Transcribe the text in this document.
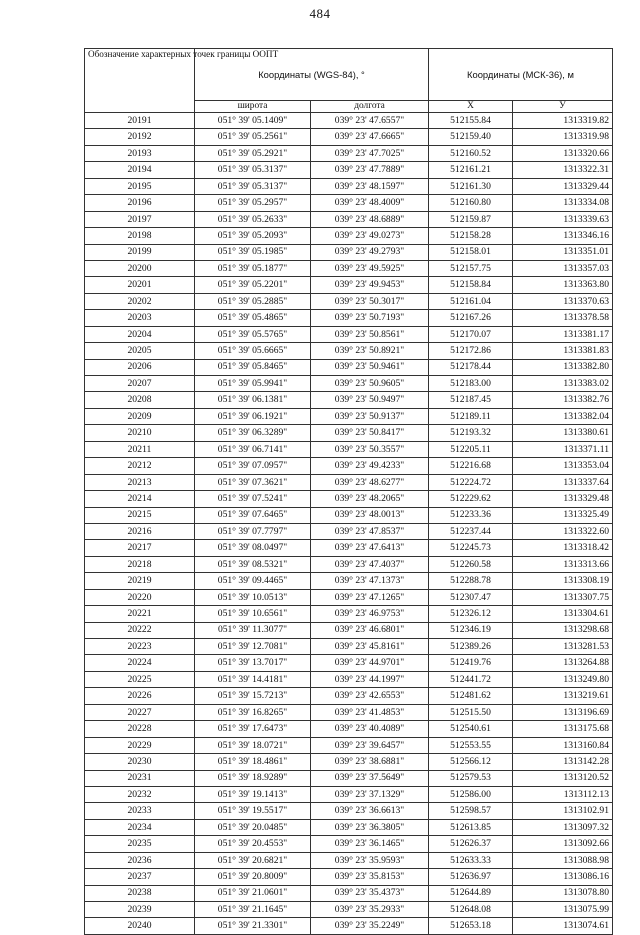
484
Обозначение характерных точек границы ООПТ	Координаты (WGS-84), °		Координаты (МСК-36), м	
	широта	долгота	X	У
20191	051° 39' 05.1409"	039° 23' 47.6557"	512155.84	1313319.82
20192	051° 39' 05.2561"	039° 23' 47.6665"	512159.40	1313319.98
20193	051° 39' 05.2921"	039° 23' 47.7025"	512160.52	1313320.66
20194	051° 39' 05.3137"	039° 23' 47.7889"	512161.21	1313322.31
20195	051° 39' 05.3137"	039° 23' 48.1597"	512161.30	1313329.44
20196	051° 39' 05.2957"	039° 23' 48.4009"	512160.80	1313334.08
20197	051° 39' 05.2633"	039° 23' 48.6889"	512159.87	1313339.63
20198	051° 39' 05.2093"	039° 23' 49.0273"	512158.28	1313346.16
20199	051° 39' 05.1985"	039° 23' 49.2793"	512158.01	1313351.01
20200	051° 39' 05.1877"	039° 23' 49.5925"	512157.75	1313357.03
20201	051° 39' 05.2201"	039° 23' 49.9453"	512158.84	1313363.80
20202	051° 39' 05.2885"	039° 23' 50.3017"	512161.04	1313370.63
20203	051° 39' 05.4865"	039° 23' 50.7193"	512167.26	1313378.58
20204	051° 39' 05.5765"	039° 23' 50.8561"	512170.07	1313381.17
20205	051° 39' 05.6665"	039° 23' 50.8921"	512172.86	1313381.83
20206	051° 39' 05.8465"	039° 23' 50.9461"	512178.44	1313382.80
20207	051° 39' 05.9941"	039° 23' 50.9605"	512183.00	1313383.02
20208	051° 39' 06.1381"	039° 23' 50.9497"	512187.45	1313382.76
20209	051° 39' 06.1921"	039° 23' 50.9137"	512189.11	1313382.04
20210	051° 39' 06.3289"	039° 23' 50.8417"	512193.32	1313380.61
20211	051° 39' 06.7141"	039° 23' 50.3557"	512205.11	1313371.11
20212	051° 39' 07.0957"	039° 23' 49.4233"	512216.68	1313353.04
20213	051° 39' 07.3621"	039° 23' 48.6277"	512224.72	1313337.64
20214	051° 39' 07.5241"	039° 23' 48.2065"	512229.62	1313329.48
20215	051° 39' 07.6465"	039° 23' 48.0013"	512233.36	1313325.49
20216	051° 39' 07.7797"	039° 23' 47.8537"	512237.44	1313322.60
20217	051° 39' 08.0497"	039° 23' 47.6413"	512245.73	1313318.42
20218	051° 39' 08.5321"	039° 23' 47.4037"	512260.58	1313313.66
20219	051° 39' 09.4465"	039° 23' 47.1373"	512288.78	1313308.19
20220	051° 39' 10.0513"	039° 23' 47.1265"	512307.47	1313307.75
20221	051° 39' 10.6561"	039° 23' 46.9753"	512326.12	1313304.61
20222	051° 39' 11.3077"	039° 23' 46.6801"	512346.19	1313298.68
20223	051° 39' 12.7081"	039° 23' 45.8161"	512389.26	1313281.53
20224	051° 39' 13.7017"	039° 23' 44.9701"	512419.76	1313264.88
20225	051° 39' 14.4181"	039° 23' 44.1997"	512441.72	1313249.80
20226	051° 39' 15.7213"	039° 23' 42.6553"	512481.62	1313219.61
20227	051° 39' 16.8265"	039° 23' 41.4853"	512515.50	1313196.69
20228	051° 39' 17.6473"	039° 23' 40.4089"	512540.61	1313175.68
20229	051° 39' 18.0721"	039° 23' 39.6457"	512553.55	1313160.84
20230	051° 39' 18.4861"	039° 23' 38.6881"	512566.12	1313142.28
20231	051° 39' 18.9289"	039° 23' 37.5649"	512579.53	1313120.52
20232	051° 39' 19.1413"	039° 23' 37.1329"	512586.00	1313112.13
20233	051° 39' 19.5517"	039° 23' 36.6613"	512598.57	1313102.91
20234	051° 39' 20.0485"	039° 23' 36.3805"	512613.85	1313097.32
20235	051° 39' 20.4553"	039° 23' 36.1465"	512626.37	1313092.66
20236	051° 39' 20.6821"	039° 23' 35.9593"	512633.33	1313088.98
20237	051° 39' 20.8009"	039° 23' 35.8153"	512636.97	1313086.16
20238	051° 39' 21.0601"	039° 23' 35.4373"	512644.89	1313078.80
20239	051° 39' 21.1645"	039° 23' 35.2933"	512648.08	1313075.99
20240	051° 39' 21.3301"	039° 23' 35.2249"	512653.18	1313074.61
